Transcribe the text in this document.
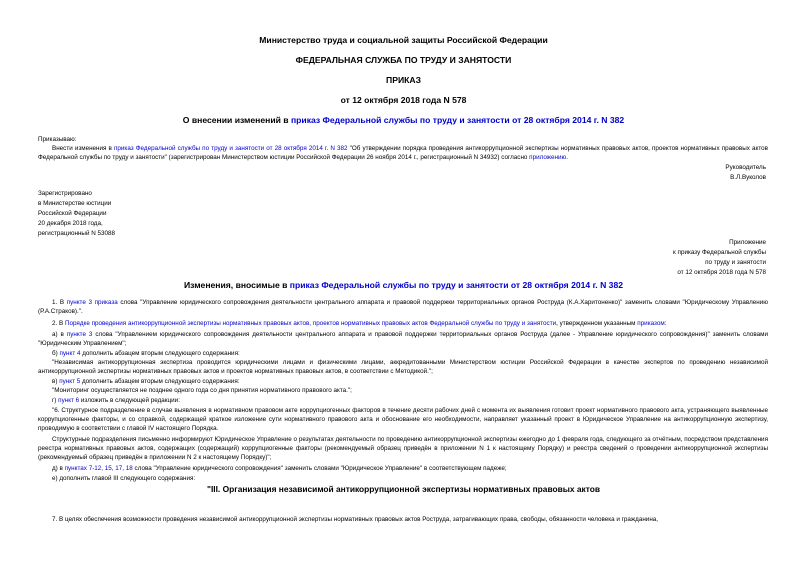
Министерство труда и социальной защиты Российской Федерации
ФЕДЕРАЛЬНАЯ СЛУЖБА ПО ТРУДУ И ЗАНЯТОСТИ
ПРИКАЗ
от 12 октября 2018 года N 578
О внесении изменений в приказ Федеральной службы по труду и занятости от 28 октября 2014 г. N 382
Приказываю:
Внести изменения в приказ Федеральной службы по труду и занятости от 28 октября 2014 г. N 382 "Об утверждении порядка проведения антикоррупционной экспертизы нормативных правовых актов, проектов нормативных правовых актов Федеральной службы по труду и занятости" (зарегистрирован Министерством юстиции Российской Федерации 26 ноября 2014 г., регистрационный N 34932) согласно приложению.
Руководитель
В.Л.Вуколов
Зарегистрировано
в Министерстве юстиции
Российской Федерации
20 декабря 2018 года,
регистрационный N 53088
Приложение
к приказу Федеральной службы
по труду и занятости
от 12 октября 2018 года N 578
Изменения, вносимые в приказ Федеральной службы по труду и занятости от 28 октября 2014 г. N 382
1. В пункте 3 приказа слова "Управление юридического сопровождения деятельности центрального аппарата и правовой поддержки территориальных органов Роструда (К.А.Харитоненко)" заменить словами "Юридическому Управлению (Р.А.Страков).".
2. В Порядке проведения антикоррупционной экспертизы нормативных правовых актов, проектов нормативных правовых актов Федеральной службы по труду и занятости, утвержденном указанным приказом:
а) в пункте 3 слова "Управлением юридического сопровождения деятельности центрального аппарата и правовой поддержки территориальных органов Роструда (далее - Управление юридического сопровождения)" заменить словами "Юридическим Управлением";
б) пункт 4 дополнить абзацем вторым следующего содержания:
"Независимая антикоррупционная экспертиза проводится юридическими лицами и физическими лицами, аккредитованными Министерством юстиции Российской Федерации в качестве экспертов по проведению независимой антикоррупционной экспертизы нормативных правовых актов и проектов нормативных правовых актов, в соответствии с Методикой.";
в) пункт 5 дополнить абзацем вторым следующего содержания:
"Мониторинг осуществляется не позднее одного года со дня принятия нормативного правового акта.";
г) пункт 6 изложить в следующей редакции:
"6. Структурное подразделение в случае выявления в нормативном правовом акте коррупциогенных факторов в течение десяти рабочих дней с момента их выявления готовит проект нормативного правового акта, устраняющего выявленные коррупциогенные факторы, и со справкой, содержащей краткое изложение сути нормативного правового акта и обоснование его необходимости, направляет указанный проект в Юридическое Управление на антикоррупционную экспертизу, проводимую в соответствии с главой IV настоящего Порядка.
Структурные подразделения письменно информируют Юридическое Управление о результатах деятельности по проведению антикоррупционной экспертизы ежегодно до 1 февраля года, следующего за отчётным, посредством представления реестра нормативных правовых актов, содержащих (содержащий) коррупциогенные факторы (рекомендуемый образец приведён в приложении N 1 к настоящему Порядку) и реестра сведений о проведении антикоррупционной экспертизы (рекомендуемый образец приведён в приложении N 2 к настоящему Порядку)";
д) в пунктах 7-12, 15, 17, 18 слова "Управление юридического сопровождения" заменить словами "Юридическое Управление" в соответствующем падеже;
е) дополнить главой III следующего содержания:
"III. Организация независимой антикоррупционной экспертизы нормативных правовых актов
7. В целях обеспечения возможности проведения независимой антикоррупционной экспертизы нормативных правовых актов Роструда, затрагивающих права, свободы, обязанности человека и гражданина,
